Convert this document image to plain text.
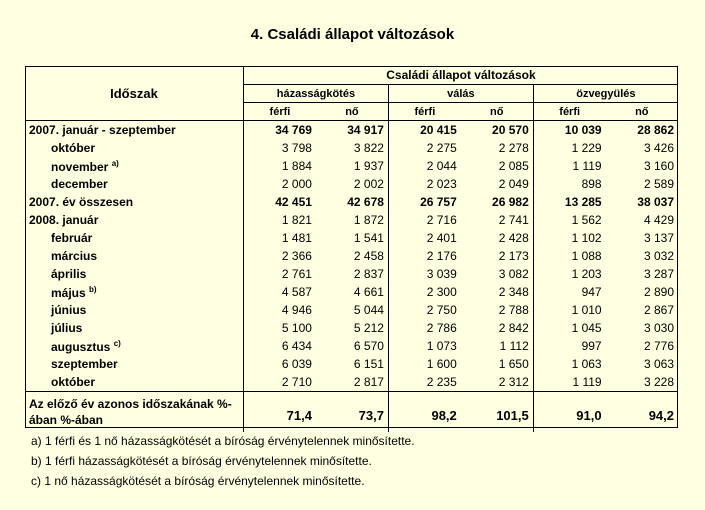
4. Családi állapot változások
Időszak	Családi állapot változások					
	házasságkötés		válás		özvegyülés	
	férfi	nő	férfi	nő	férfi	nő
2007. január - szeptember	34 769	34 917	20 415	20 570	10 039	28 862
október	3 798	3 822	2 275	2 278	1 229	3 426
november $^{a)}$	1 884	1 937	2 044	2 085	1 119	3 160
december	2 000	2 002	2 023	2 049	898	2 589
2007. év összesen	42 451	42 678	26 757	26 982	13 285	38 037
2008. január	1 821	1 872	2 716	2 741	1 562	4 429
február	1 481	1 541	2 401	2 428	1 102	3 137
március	2 366	2 458	2 176	2 173	1 088	3 032
április	2 761	2 837	3 039	3 082	1 203	3 287
május $^{b)}$	4 587	4 661	2 300	2 348	947	2 890
június	4 946	5 044	2 750	2 788	1 010	2 867
július	5 100	5 212	2 786	2 842	1 045	3 030
augusztus $^{c)}$	6 434	6 570	1 073	1 112	997	2 776
szeptember	6 039	6 151	1 600	1 650	1 063	3 063
október	2 710	2 817	2 235	2 312	1 119	3 228
Az előző év azonos időszakának %-ában %-ában	71,4	73,7	98,2	101,5	91,0	94,2
a) 1 férfi és 1 nő házasságkötését a bíróság érvénytelennek minősítette.
b) 1 férfi házasságkötését a bíróság érvénytelennek minősítette.
c) 1 nő házasságkötését a bíróság érvénytelennek minősítette.
